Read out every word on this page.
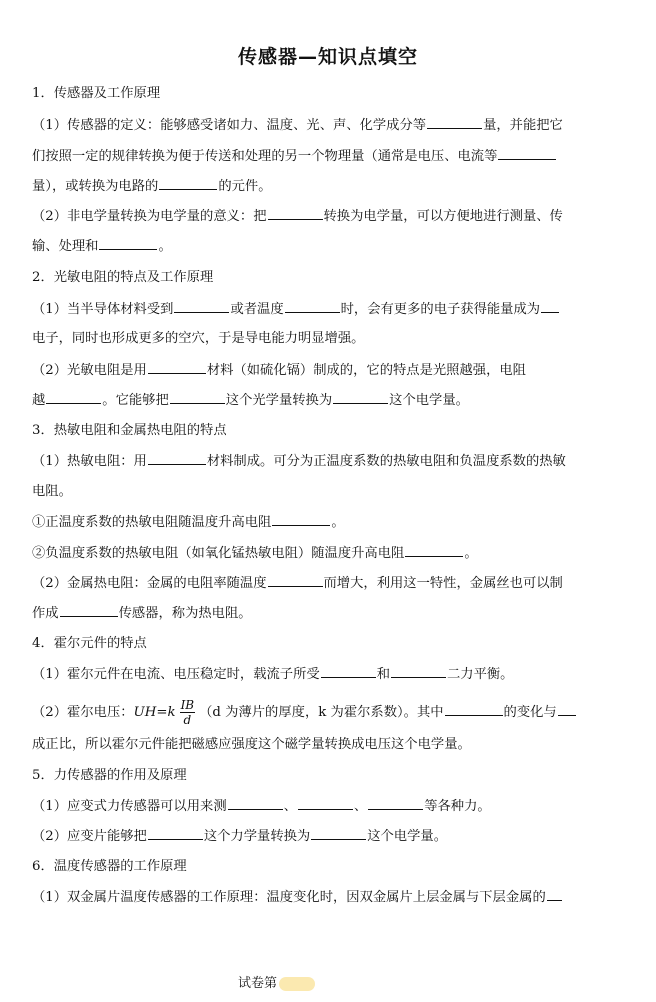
传感器—知识点填空
1．传感器及工作原理
（1）传感器的定义：能够感受诸如力、温度、光、声、化学成分等	量，并能把它
们按照一定的规律转换为便于传送和处理的另一个物理量（通常是电压、电流等
量），或转换为电路的	的元件。
（2）非电学量转换为电学量的意义：把	转换为电学量，可以方便地进行测量、传
输、处理和	。
2．光敏电阻的特点及工作原理
（1）当半导体材料受到	或者温度	时，会有更多的电子获得能量成为
电子，同时也形成更多的空穴，于是导电能力明显增强。
（2）光敏电阻是用	材料（如硫化镉）制成的，它的特点是光照越强，电阻
越	。它能够把	这个光学量转换为	这个电学量。
3．热敏电阻和金属热电阻的特点
（1）热敏电阻：用	材料制成。可分为正温度系数的热敏电阻和负温度系数的热敏
电阻。
①正温度系数的热敏电阻随温度升高电阻	。
②负温度系数的热敏电阻（如氧化锰热敏电阻）随温度升高电阻	。
（2）金属热电阻：金属的电阻率随温度	而增大，利用这一特性，金属丝也可以制
作成	传感器，称为热电阻。
4．霍尔元件的特点
（1）霍尔元件在电流、电压稳定时，载流子所受	和	二力平衡。
（2）霍尔电压：$UH=k \frac{IB}{d} (d$ 为薄片的厚度，k 为霍尔系数）。其中	的变化与
成正比，所以霍尔元件能把磁感应强度这个磁学量转换成电压这个电学量。
5．力传感器的作用及原理
（1）应变式力传感器可以用来测	、	、	等各种力。
（2）应变片能够把	这个力学量转换为	这个电学量。
6．温度传感器的工作原理
（1）双金属片温度传感器的工作原理：温度变化时，因双金属片上层金属与下层金属的
试卷第
